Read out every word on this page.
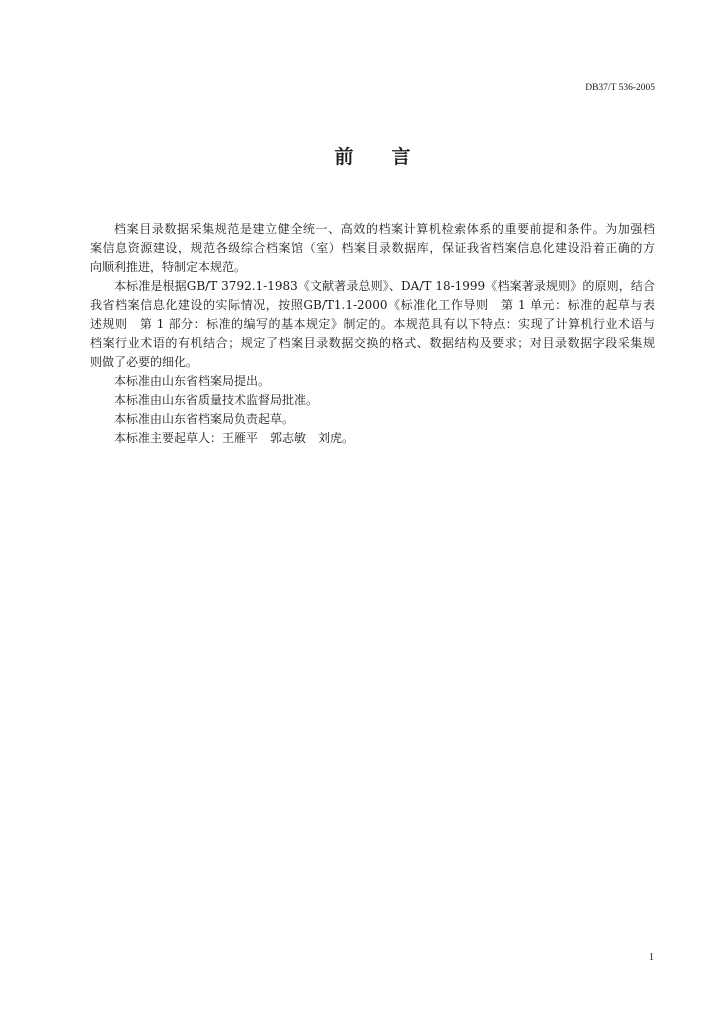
DB37/T 536-2005
前　　言
档案目录数据采集规范是建立健全统一、高效的档案计算机检索体系的重要前提和条件。为加强档
案信息资源建设，规范各级综合档案馆（室）档案目录数据库，保证我省档案信息化建设沿着正确的方
向顺利推进，特制定本规范。
本标准是根据GB/T 3792.1-1983《文献著录总则》、DA/T 18-1999《档案著录规则》的原则，结合
我省档案信息化建设的实际情况，按照GB/T1.1-2000《标准化工作导则　第 1 单元：标准的起草与表
述规则　第 1 部分：标准的编写的基本规定》制定的。本规范具有以下特点：实现了计算机行业术语与
档案行业术语的有机结合；规定了档案目录数据交换的格式、数据结构及要求；对目录数据字段采集规
则做了必要的细化。
本标准由山东省档案局提出。
本标准由山东省质量技术监督局批准。
本标准由山东省档案局负责起草。
本标准主要起草人：王雁平　郭志敏　刘虎。
1
